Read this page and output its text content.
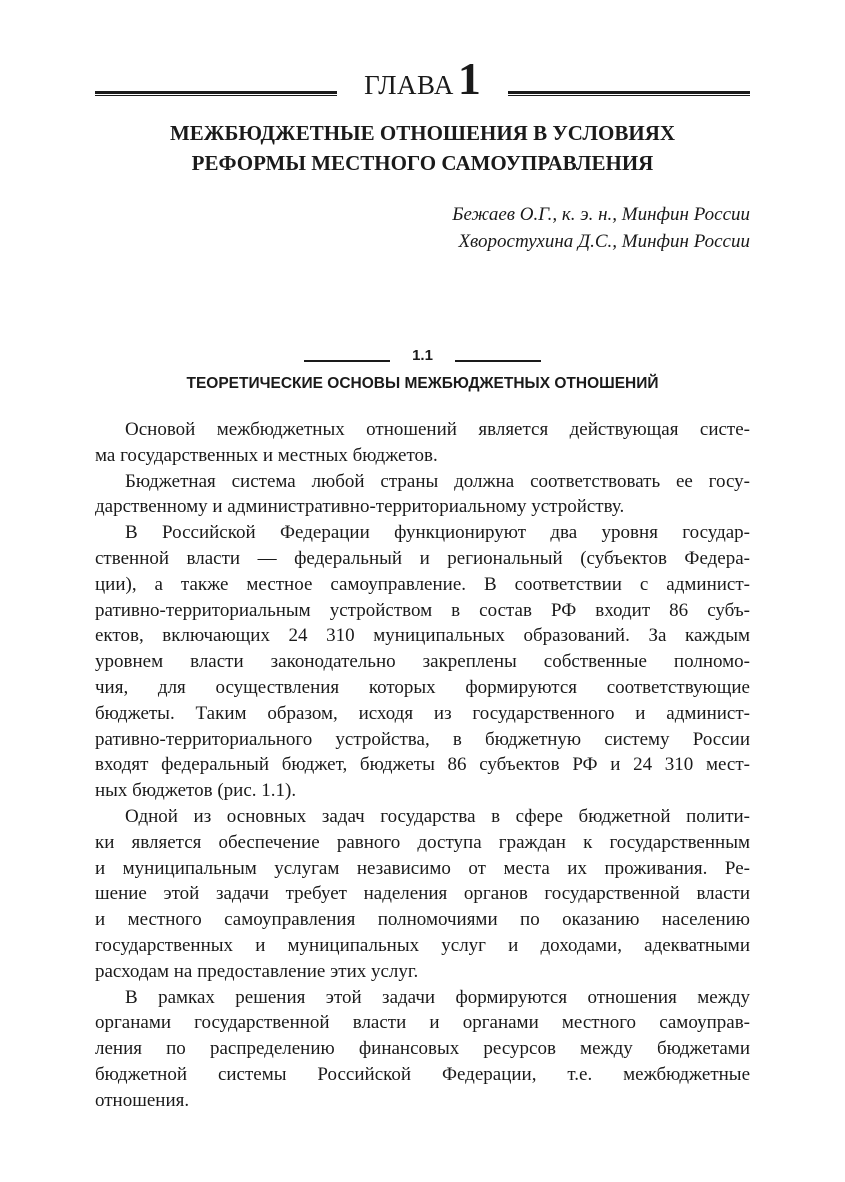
ГЛАВА1
МЕЖБЮДЖЕТНЫЕ ОТНОШЕНИЯ В УСЛОВИЯХ
РЕФОРМЫ МЕСТНОГО САМОУПРАВЛЕНИЯ
Бежаев О.Г., к. э. н., Минфин России
Хворостухина Д.С., Минфин России
1.1
ТЕОРЕТИЧЕСКИЕ ОСНОВЫ МЕЖБЮДЖЕТНЫХ ОТНОШЕНИЙ

Основой межбюджетных отношений является действующая систе-
ма государственных и местных бюджетов.

Бюджетная система любой страны должна соответствовать ее госу-
дарственному и административно-территориальному устройству.

В Российской Федерации функционируют два уровня государ-
ственной власти — федеральный и региональный (субъектов Федера-
ции), а также местное самоуправление. В соответствии с админист-
ративно-территориальным устройством в состав РФ входит 86 субъ-
ектов, включающих 24 310 муниципальных образований. За каждым
уровнем власти законодательно закреплены собственные полномо-
чия, для осуществления которых формируются соответствующие
бюджеты. Таким образом, исходя из государственного и админист-
ративно-территориального устройства, в бюджетную систему России
входят федеральный бюджет, бюджеты 86 субъектов РФ и 24 310 мест-
ных бюджетов (рис. 1.1).

Одной из основных задач государства в сфере бюджетной полити-
ки является обеспечение равного доступа граждан к государственным
и муниципальным услугам независимо от места их проживания. Ре-
шение этой задачи требует наделения органов государственной власти
и местного самоуправления полномочиями по оказанию населению
государственных и муниципальных услуг и доходами, адекватными
расходам на предоставление этих услуг.

В рамках решения этой задачи формируются отношения между
органами государственной власти и органами местного самоуправ-
ления по распределению финансовых ресурсов между бюджетами
бюджетной системы Российской Федерации, т.е. межбюджетные
отношения.
